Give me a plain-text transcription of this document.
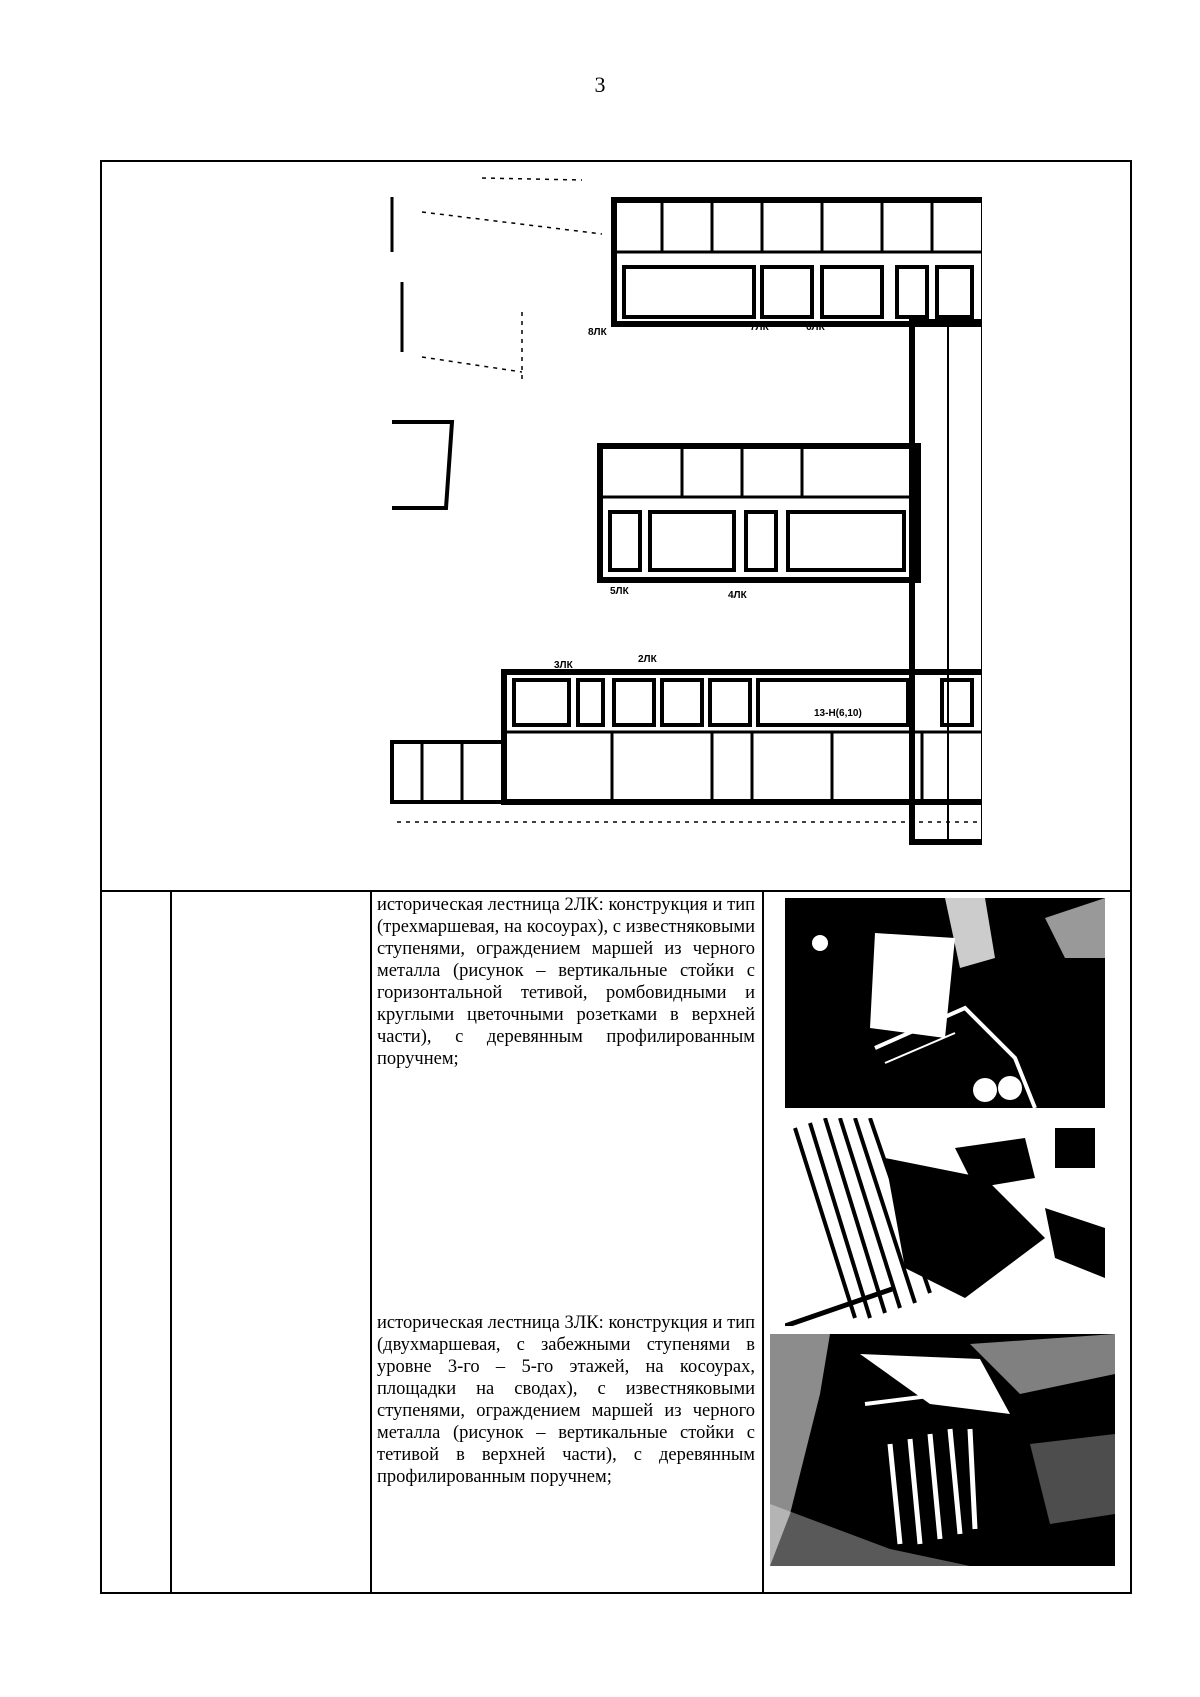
3
8ЛК	7ЛК	6ЛК
5ЛК	4ЛК
3ЛК
2ЛК
13-Н(6,10)
историческая лестница 2ЛК: конструкция и тип (трехмаршевая, на косоурах), с известняковыми ступенями, ограждением маршей из черного металла (рисунок – вертикальные стойки с горизонтальной тетивой, ромбовидными и круглыми цветочными розетками в верхней части), с деревянным профилированным поручнем;
историческая лестница 3ЛК: конструкция и тип (двухмаршевая, с забежными ступенями в уровне 3-го – 5-го этажей, на косоурах, площадки на сводах), с известняковыми ступенями, ограждением маршей из черного металла (рисунок – вертикальные стойки с тетивой в верхней части), с деревянным профилированным поручнем;
